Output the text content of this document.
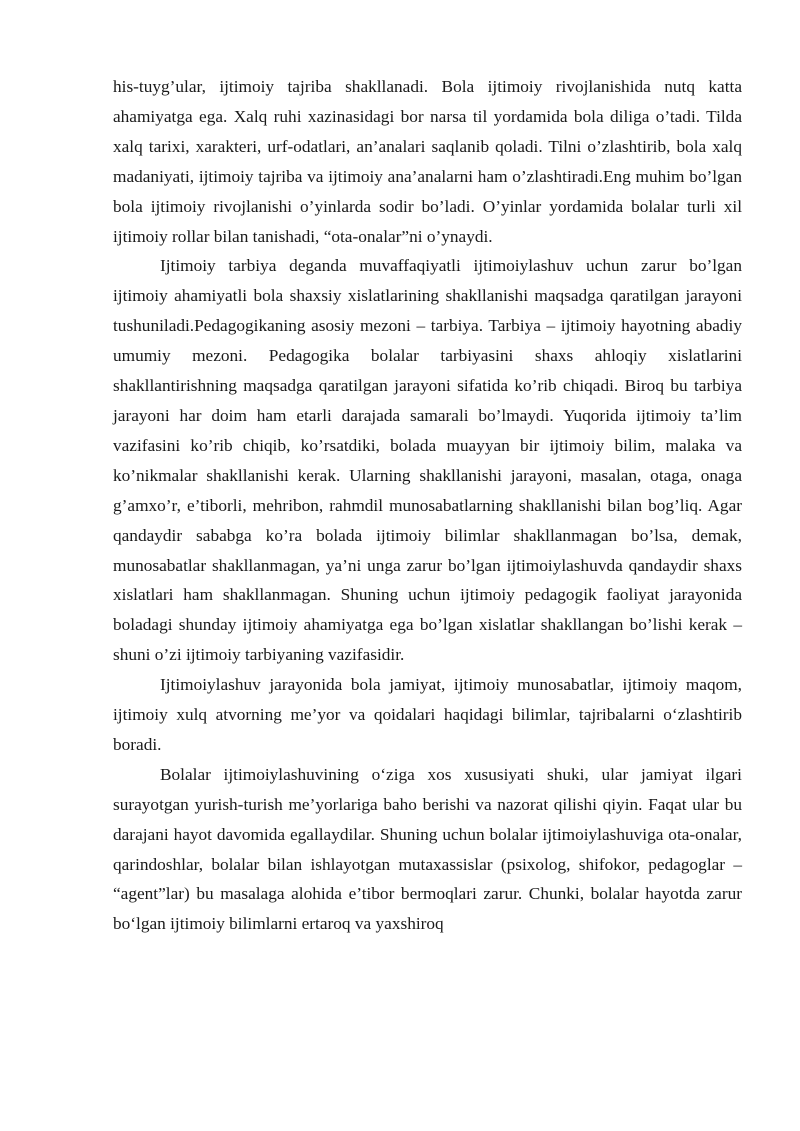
his-tuyg’ular, ijtimoiy tajriba shakllanadi. Bola ijtimoiy rivojlanishida nutq katta ahamiyatga ega. Xalq ruhi xazinasidagi bor narsa til yordamida bola diliga o’tadi. Tilda xalq tarixi, xarakteri, urf-odatlari, an’analari saqlanib qoladi. Tilni o’zlashtirib, bola xalq madaniyati, ijtimoiy tajriba va ijtimoiy ana’analarni ham o’zlashtiradi.Eng muhim bo’lgan bola ijtimoiy rivojlanishi o’yinlarda sodir bo’ladi. O’yinlar yordamida bolalar turli xil ijtimoiy rollar bilan tanishadi, “ota-onalar”ni o’ynaydi.

Ijtimoiy tarbiya deganda muvaffaqiyatli ijtimoiylashuv uchun zarur bo’lgan ijtimoiy ahamiyatli bola shaxsiy xislatlarining shakllanishi maqsadga qaratilgan jarayoni tushuniladi.Pedagogikaning asosiy mezoni – tarbiya. Tarbiya – ijtimoiy hayotning abadiy umumiy mezoni. Pedagogika bolalar tarbiyasini shaxs ahloqiy xislatlarini shakllantirishning maqsadga qaratilgan jarayoni sifatida ko’rib chiqadi. Biroq bu tarbiya jarayoni har doim ham etarli darajada samarali bo’lmaydi. Yuqorida ijtimoiy ta’lim vazifasini ko’rib chiqib, ko’rsatdiki, bolada muayyan bir ijtimoiy bilim, malaka va ko’nikmalar shakllanishi kerak. Ularning shakllanishi jarayoni, masalan, otaga, onaga g’amxo’r, e’tiborli, mehribon, rahmdil munosabatlarning shakllanishi bilan bog’liq. Agar qandaydir sababga ko’ra bolada ijtimoiy bilimlar shakllanmagan bo’lsa, demak, munosabatlar shakllanmagan, ya’ni unga zarur bo’lgan ijtimoiylashuvda qandaydir shaxs xislatlari ham shakllanmagan. Shuning uchun ijtimoiy pedagogik faoliyat jarayonida boladagi shunday ijtimoiy ahamiyatga ega bo’lgan xislatlar shakllangan bo’lishi kerak – shuni o’zi ijtimoiy tarbiyaning vazifasidir.

Ijtimoiylashuv jarayonida bola jamiyat, ijtimoiy munosabatlar, ijtimoiy maqom, ijtimoiy xulq atvorning me’yor va qoidalari haqidagi bilimlar, tajribalarni o‘zlashtirib boradi.

Bolalar ijtimoiylashuvining o‘ziga xos xususiyati shuki, ular jamiyat ilgari surayotgan yurish-turish me’yorlariga baho berishi va nazorat qilishi qiyin. Faqat ular bu darajani hayot davomida egallaydilar. Shuning uchun bolalar ijtimoiylashuviga ota-onalar, qarindoshlar, bolalar bilan ishlayotgan mutaxassislar (psixolog, shifokor, pedagoglar – “agent”lar) bu masalaga alohida e’tibor bermoqlari zarur. Chunki, bolalar hayotda zarur bo‘lgan ijtimoiy bilimlarni ertaroq va yaxshiroq
